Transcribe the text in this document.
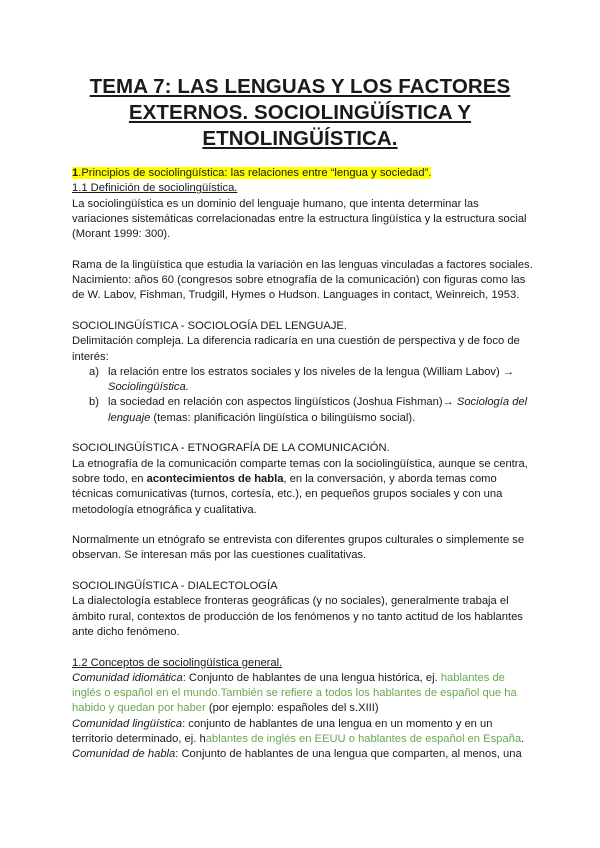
TEMA 7: LAS LENGUAS Y LOS FACTORES
EXTERNOS. SOCIOLINGÜÍSTICA Y
ETNOLINGÜÍSTICA.

1.Principios de sociolingüística: las relaciones entre “lengua y sociedad”.

1.1 Definición de sociolingüística.

La sociolingüística es un dominio del lenguaje humano, que intenta determinar las variaciones sistemáticas correlacionadas entre la estructura lingüística y la estructura social (Morant 1999: 300).

Rama de la lingüística que estudia la variación en las lenguas vinculadas a factores sociales.

Nacimiento: años 60 (congresos sobre etnografía de la comunicación) con figuras como las de W. Labov, Fishman, Trudgill, Hymes o Hudson. Languages in contact, Weinreich, 1953.

SOCIOLINGÜÍSTICA - SOCIOLOGÍA DEL LENGUAJE.

Delimitación compleja. La diferencia radicaría en una cuestión de perspectiva y de foco de interés:

a) la relación entre los estratos sociales y los niveles de la lengua (William Labov) → Sociolingüística.
b) la sociedad en relación con aspectos lingüísticos (Joshua Fishman)→ Sociología del lenguaje (temas: planificación lingüística o bilingüismo social).

SOCIOLINGÜÍSTICA - ETNOGRAFÍA DE LA COMUNICACIÓN.

La etnografía de la comunicación comparte temas con la sociolingüística, aunque se centra, sobre todo, en acontecimientos de habla, en la conversación, y aborda temas como técnicas comunicativas (turnos, cortesía, etc.), en pequeños grupos sociales y con una metodología etnográfica y cualitativa.

Normalmente un etnógrafo se entrevista con diferentes grupos culturales o simplemente se observan. Se interesan más por las cuestiones cualitativas.

SOCIOLINGÜÍSTICA - DIALECTOLOGÍA

La dialectología establece fronteras geográficas (y no sociales), generalmente trabaja el ámbito rural, contextos de producción de los fenómenos y no tanto actitud de los hablantes ante dicho fenómeno.

1.2 Conceptos de sociolingüística general.

Comunidad idiomática: Conjunto de hablantes de una lengua histórica, ej. hablantes de inglés o español en el mundo.También se refiere a todos los hablantes de español que ha habido y quedan por haber (por ejemplo: españoles del s.XIII)

Comunidad lingüística: conjunto de hablantes de una lengua en un momento y en un territorio determinado, ej. hablantes de inglés en EEUU o hablantes de español en España.

Comunidad de habla: Conjunto de hablantes de una lengua que comparten, al menos, una
